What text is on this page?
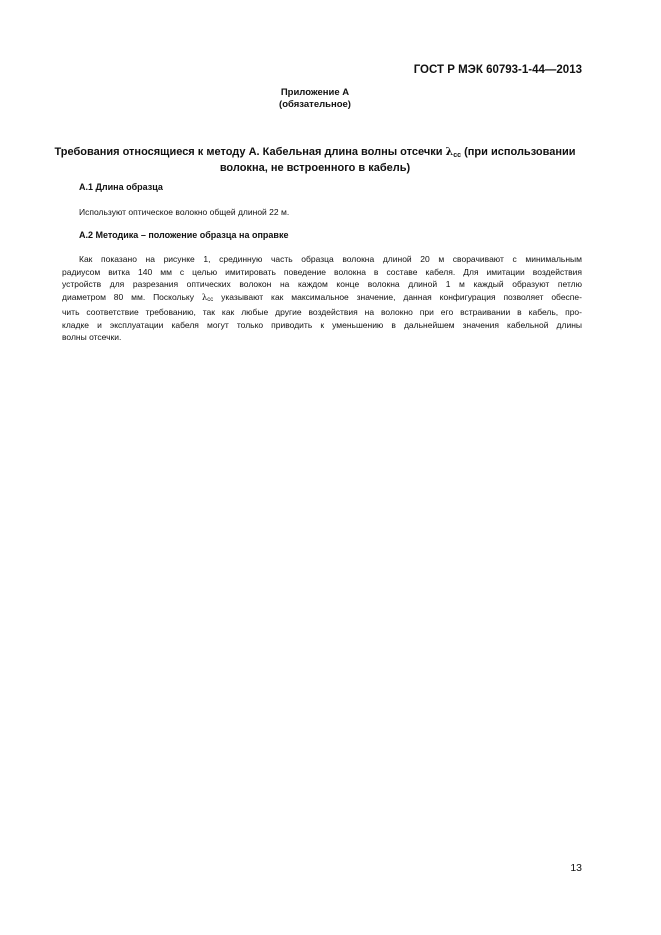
ГОСТ Р МЭК 60793-1-44—2013
Приложение А
(обязательное)
Требования относящиеся к методу А. Кабельная длина волны отсечки $\lambda_{cc}$ (при использовании
волокна, не встроенного в кабель)
А.1 Длина образца
Используют оптическое волокно общей длиной 22 м.
А.2 Методика – положение образца на оправке
Как показано на рисунке 1, срединную часть образца волокна длиной 20 м сворачивают с минимальным
радиусом витка 140 мм с целью имитировать поведение волокна в составе кабеля. Для имитации воздействия
устройств для разрезания оптических волокон на каждом конце волокна длиной 1 м каждый образуют петлю
диаметром 80 мм. Поскольку $\lambda_{cc}$ указывают как максимальное значение, данная конфигурация позволяет обеспе-
чить соответствие требованию, так как любые другие воздействия на волокно при его встраивании в кабель, про-
кладке и эксплуатации кабеля могут только приводить к уменьшению в дальнейшем значения кабельной длины
волны отсечки.
13
